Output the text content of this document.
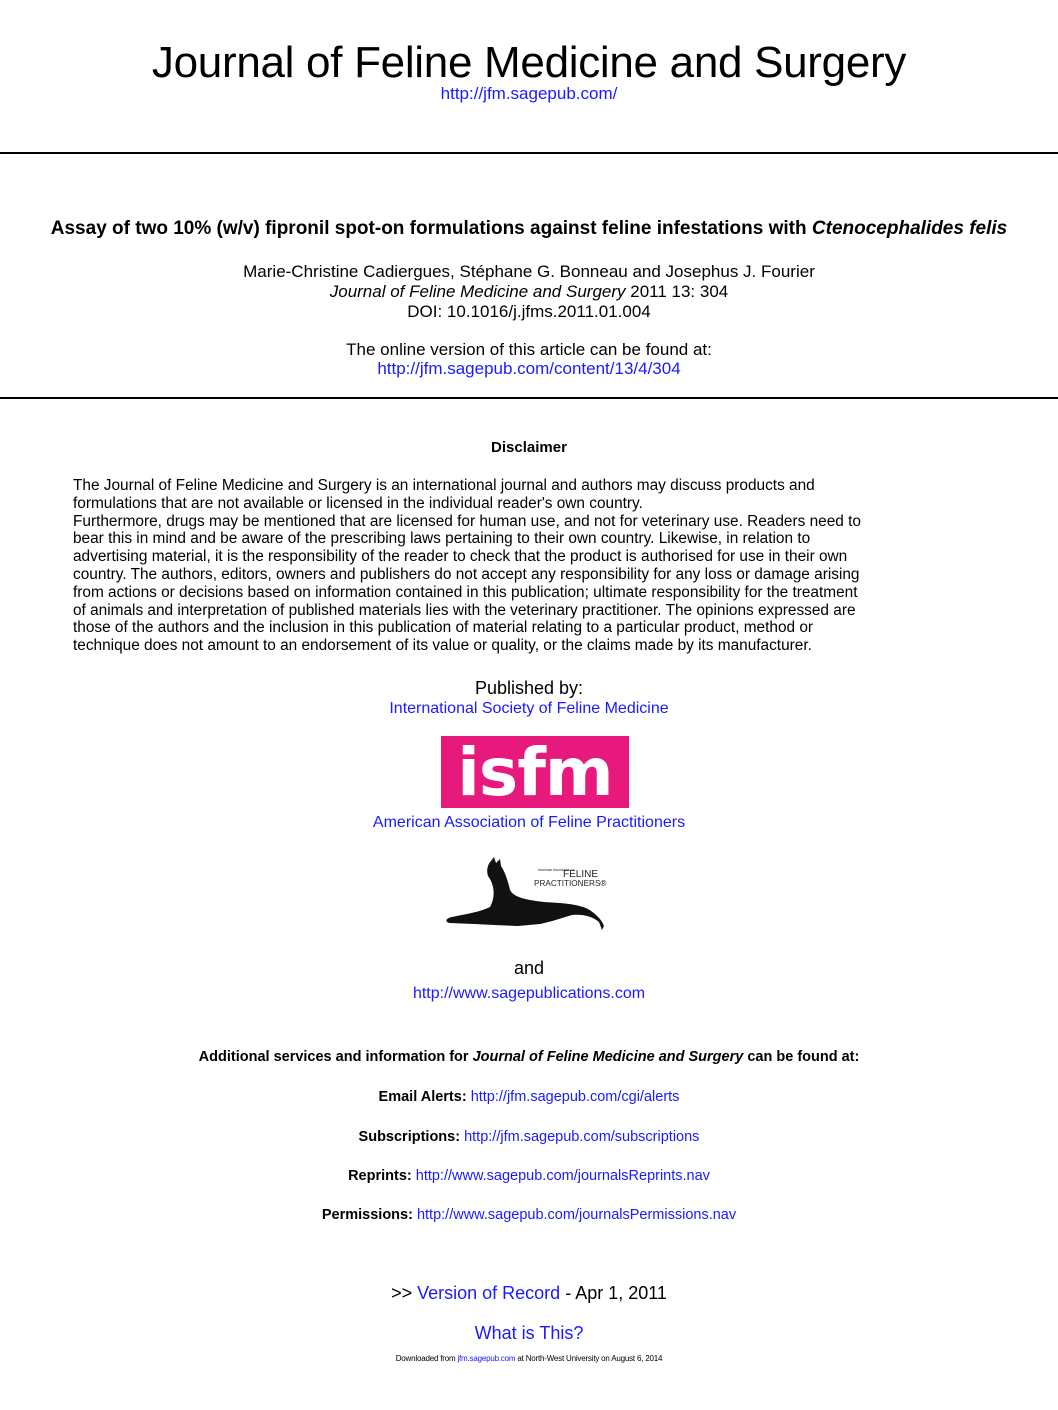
Journal of Feline Medicine and Surgery
http://jfm.sagepub.com/
Assay of two 10% (w/v) fipronil spot-on formulations against feline infestations with Ctenocephalides felis
Marie-Christine Cadiergues, Stéphane G. Bonneau and Josephus J. Fourier
Journal of Feline Medicine and Surgery 2011 13: 304
DOI: 10.1016/j.jfms.2011.01.004
The online version of this article can be found at:
http://jfm.sagepub.com/content/13/4/304
Disclaimer
The Journal of Feline Medicine and Surgery is an international journal and authors may discuss products and
formulations that are not available or licensed in the individual reader's own country.
Furthermore, drugs may be mentioned that are licensed for human use, and not for veterinary use. Readers need to
bear this in mind and be aware of the prescribing laws pertaining to their own country. Likewise, in relation to
advertising material, it is the responsibility of the reader to check that the product is authorised for use in their own
country. The authors, editors, owners and publishers do not accept any responsibility for any loss or damage arising
from actions or decisions based on information contained in this publication; ultimate responsibility for the treatment
of animals and interpretation of published materials lies with the veterinary practitioner. The opinions expressed are
those of the authors and the inclusion in this publication of material relating to a particular product, method or
technique does not amount to an endorsement of its value or quality, or the claims made by its manufacturer.
Published by:
International Society of Feline Medicine
isfm
American Association of Feline Practitioners
American Association of
FELINE
PRACTITIONERS®
and
http://www.sagepublications.com
Additional services and information for Journal of Feline Medicine and Surgery can be found at:
Email Alerts: http://jfm.sagepub.com/cgi/alerts
Subscriptions: http://jfm.sagepub.com/subscriptions
Reprints: http://www.sagepub.com/journalsReprints.nav
Permissions: http://www.sagepub.com/journalsPermissions.nav
>> Version of Record - Apr 1, 2011
What is This?
Downloaded from jfm.sagepub.com at North-West University on August 6, 2014
